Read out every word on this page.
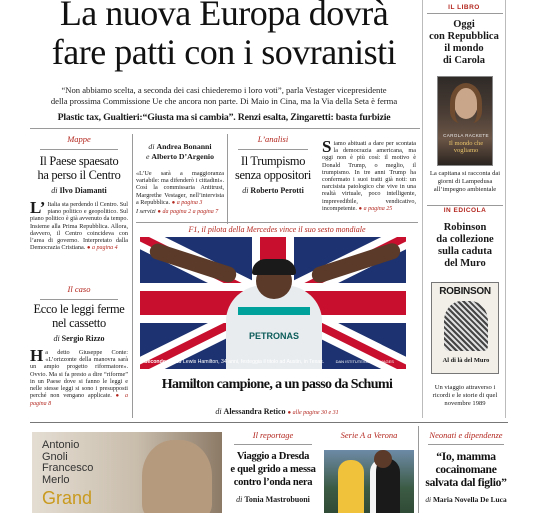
La nuova Europa dovrà
fare patti con i sovranisti
“Non abbiamo scelta, a seconda dei casi chiederemo i loro voti”, parla Vestager vicepresidente
della prossima Commissione Ue che ancora non parte. Di Maio in Cina, ma la Via della Seta è ferma
Plastic tax, Gualtieri:“Giusta ma si cambia”. Renzi esalta, Zingaretti: basta furbizie
IL LIBRO
Oggi
con Repubblica
il mondo
di Carola
CAROLA RACKETE
Il mondo che vogliamo
La capitana si racconta dai giorni di Lampedusa all’impegno ambientale
IN EDICOLA
Robinson
da collezione
sulla caduta
del Muro
ROBINSON
Al di là del Muro
Un viaggio attraverso i ricordi e le storie di quel novembre 1989
Mappe
Il Paese spaesato
ha perso il Centro
di Ilvo Diamanti
L’ Italia sta perdendo il Centro. Sul piano politico e geopolitico. Sul piano politico è già avvenuto da tempo. Insieme alla Prima Repubblica. Allora, davvero, il Centro coincideva con l’area di governo. Interpretato dalla Democrazia Cristiana. ● a pagina 4
Il caso
Ecco le leggi ferme
nel cassetto
di Sergio Rizzo
Ha detto Giuseppe Conte: «L’orizzonte della manovra sarà un ampio progetto riformatore». Ovvio. Ma si fa presto a dire “riforme” in un Paese dove si fanno le leggi e nelle stesse leggi si sono i presupposti perché non vengano applicate. ● a pagina 8
di Andrea Bonanni
e Alberto D’Argenio
«L’Ue sarà a maggioranza variabile: ma difenderò i cittadini». Così la commissaria Antitrust, Margrethe Vestager, nell’intervista a Repubblica. ● a pagina 3
I servizi ● da pagina 2 a pagina 7
L’analisi
Il Trumpismo
senza oppositori
di Roberto Perotti
Siamo abituati a dare per scontata la democrazia americana, ma oggi non è più così: il motivo è Donald Trump, o meglio, il trumpismo. In tre anni Trump ha confermato i suoi tratti già noti: un narcisista patologico che vive in una realtà virtuale, poco intelligente, imprevedibile, vendicativo, incompetente. ● a pagina 25
F1, il pilota della Mercedes vince il suo sesto mondiale
PETRONAS
Secondo posto Lewis Hamilton, 34 anni, festeggia il titolo ad Austin, in Texas.	DAN ISTITUTE/GETTY IMAGES
Hamilton campione, a un passo da Schumi
di Alessandra Retico ● alle pagine 30 e 31
Antonio
Gnoli
Francesco
Merlo
Grand
Il reportage
Viaggio a Dresda
e quel grido a messa
contro l’onda nera
di Tonia Mastrobuoni
Serie A a Verona	Neonati e dipendenze
“Io, mamma
cocainomane
salvata dal figlio”
di Maria Novella De Luca
